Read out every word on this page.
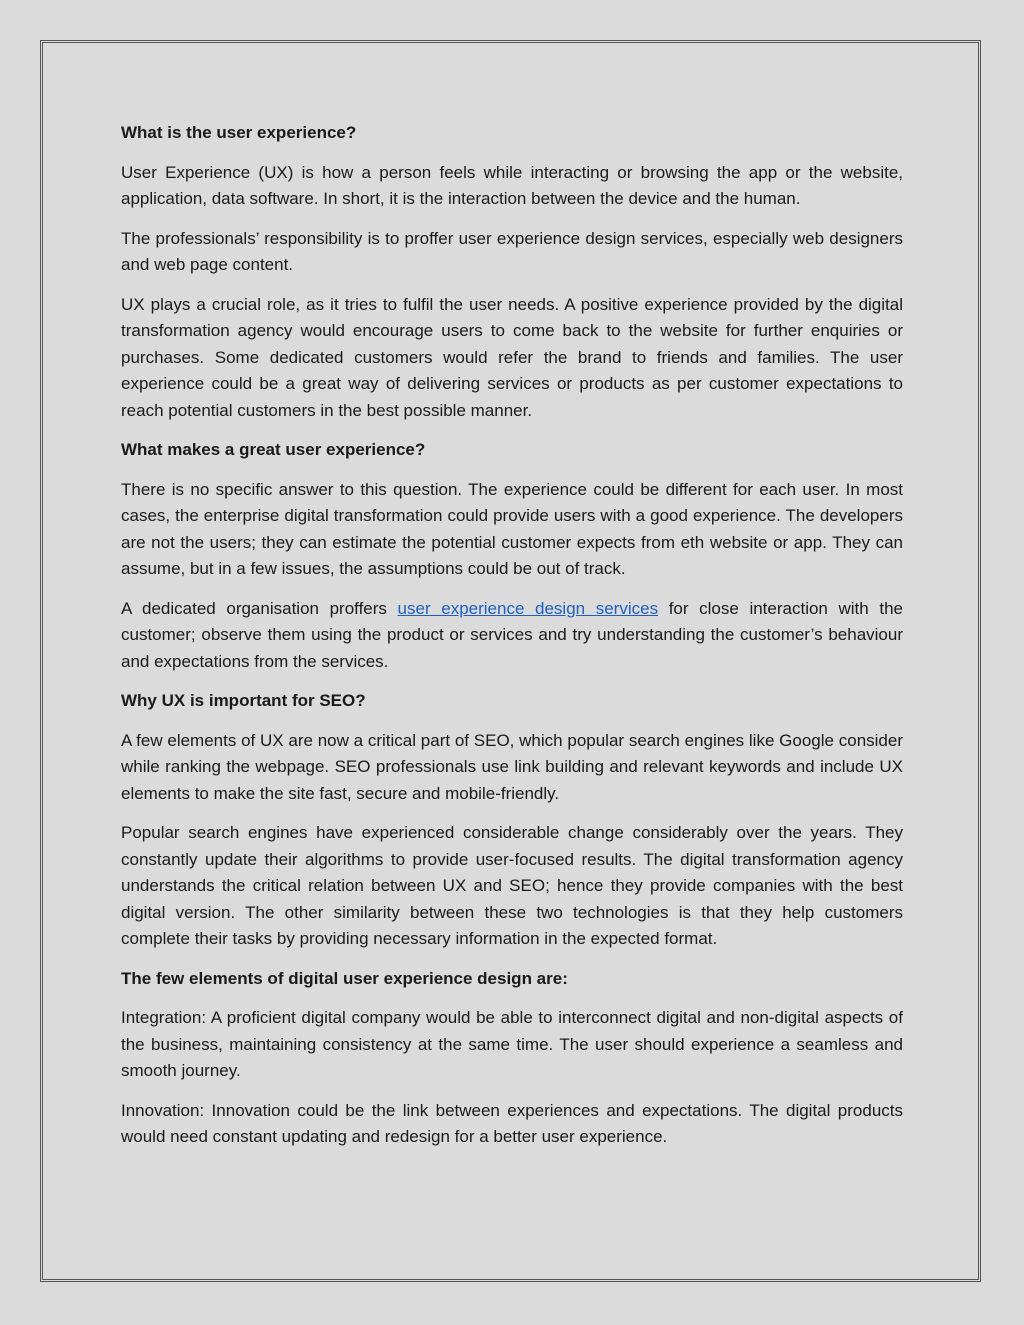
What is the user experience?

User Experience (UX) is how a person feels while interacting or browsing the app or the website, application, data software. In short, it is the interaction between the device and the human.

The professionals’ responsibility is to proffer user experience design services, especially web designers and web page content.

UX plays a crucial role, as it tries to fulfil the user needs. A positive experience provided by the digital transformation agency would encourage users to come back to the website for further enquiries or purchases. Some dedicated customers would refer the brand to friends and families. The user experience could be a great way of delivering services or products as per customer expectations to reach potential customers in the best possible manner.

What makes a great user experience?

There is no specific answer to this question. The experience could be different for each user. In most cases, the enterprise digital transformation could provide users with a good experience. The developers are not the users; they can estimate the potential customer expects from eth website or app. They can assume, but in a few issues, the assumptions could be out of track.

A dedicated organisation proffers user experience design services for close interaction with the customer; observe them using the product or services and try understanding the customer’s behaviour and expectations from the services.

Why UX is important for SEO?

A few elements of UX are now a critical part of SEO, which popular search engines like Google consider while ranking the webpage. SEO professionals use link building and relevant keywords and include UX elements to make the site fast, secure and mobile-friendly.

Popular search engines have experienced considerable change considerably over the years. They constantly update their algorithms to provide user-focused results. The digital transformation agency understands the critical relation between UX and SEO; hence they provide companies with the best digital version. The other similarity between these two technologies is that they help customers complete their tasks by providing necessary information in the expected format.

The few elements of digital user experience design are:

Integration: A proficient digital company would be able to interconnect digital and non-digital aspects of the business, maintaining consistency at the same time. The user should experience a seamless and smooth journey.

Innovation: Innovation could be the link between experiences and expectations. The digital products would need constant updating and redesign for a better user experience.
